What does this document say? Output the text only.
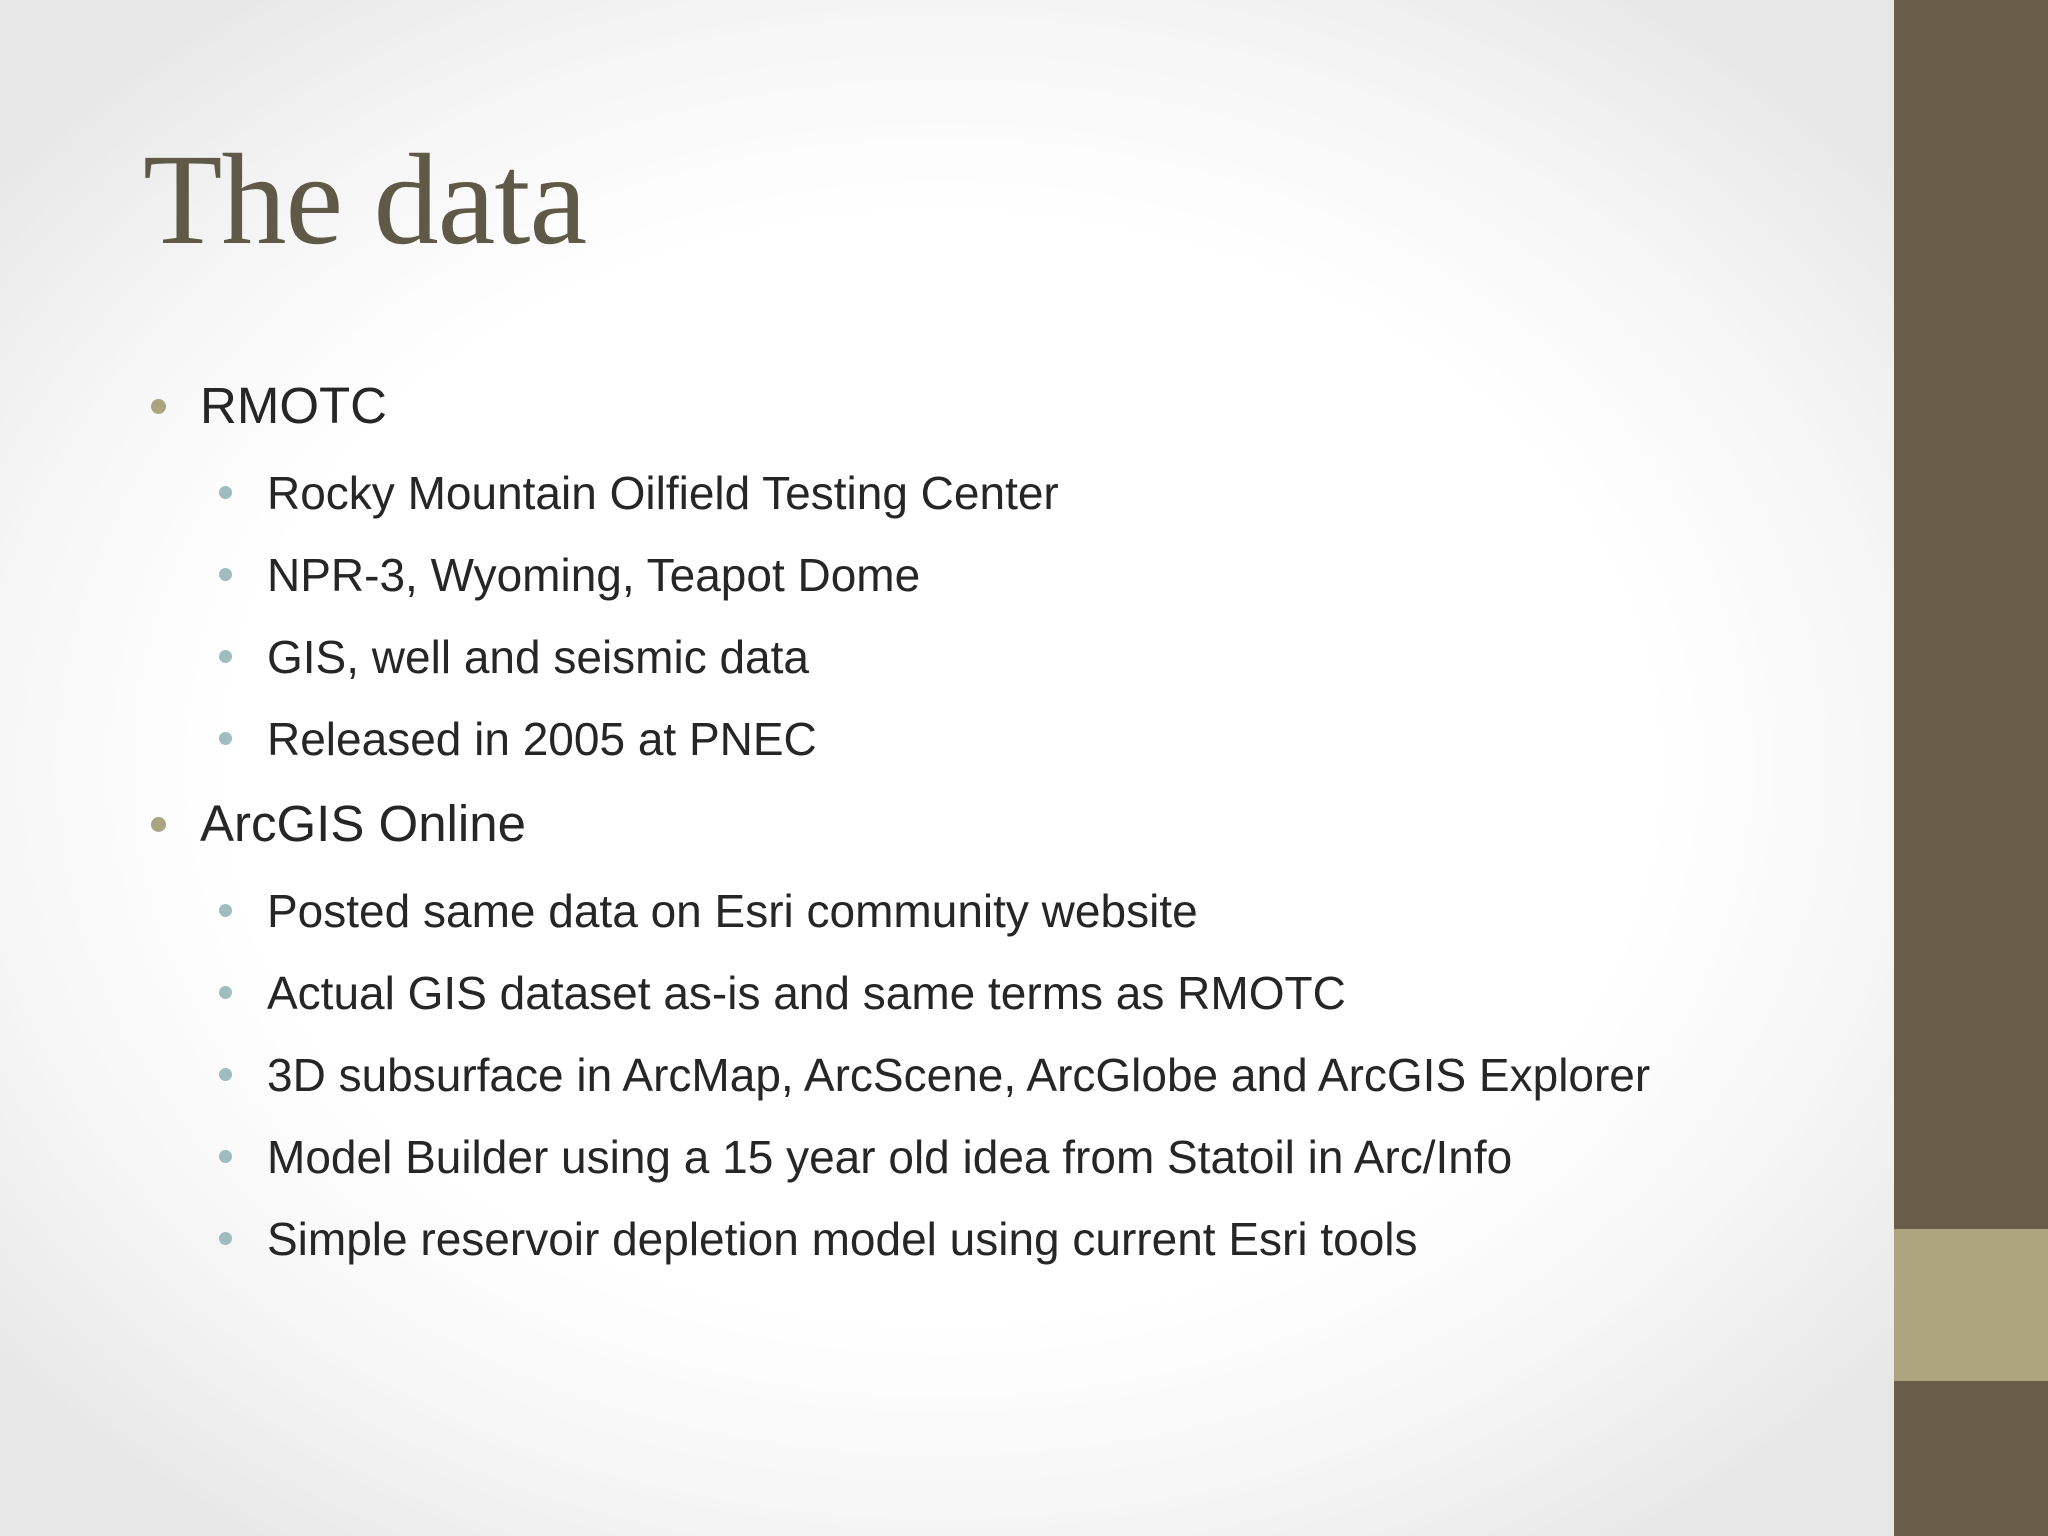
The data
RMOTC
Rocky Mountain Oilfield Testing Center
NPR-3, Wyoming, Teapot Dome
GIS, well and seismic data
Released in 2005 at PNEC
ArcGIS Online
Posted same data on Esri community website
Actual GIS dataset as-is and same terms as RMOTC
3D subsurface in ArcMap, ArcScene, ArcGlobe and ArcGIS Explorer
Model Builder using a 15 year old idea from Statoil in Arc/Info
Simple reservoir depletion model using current Esri tools
